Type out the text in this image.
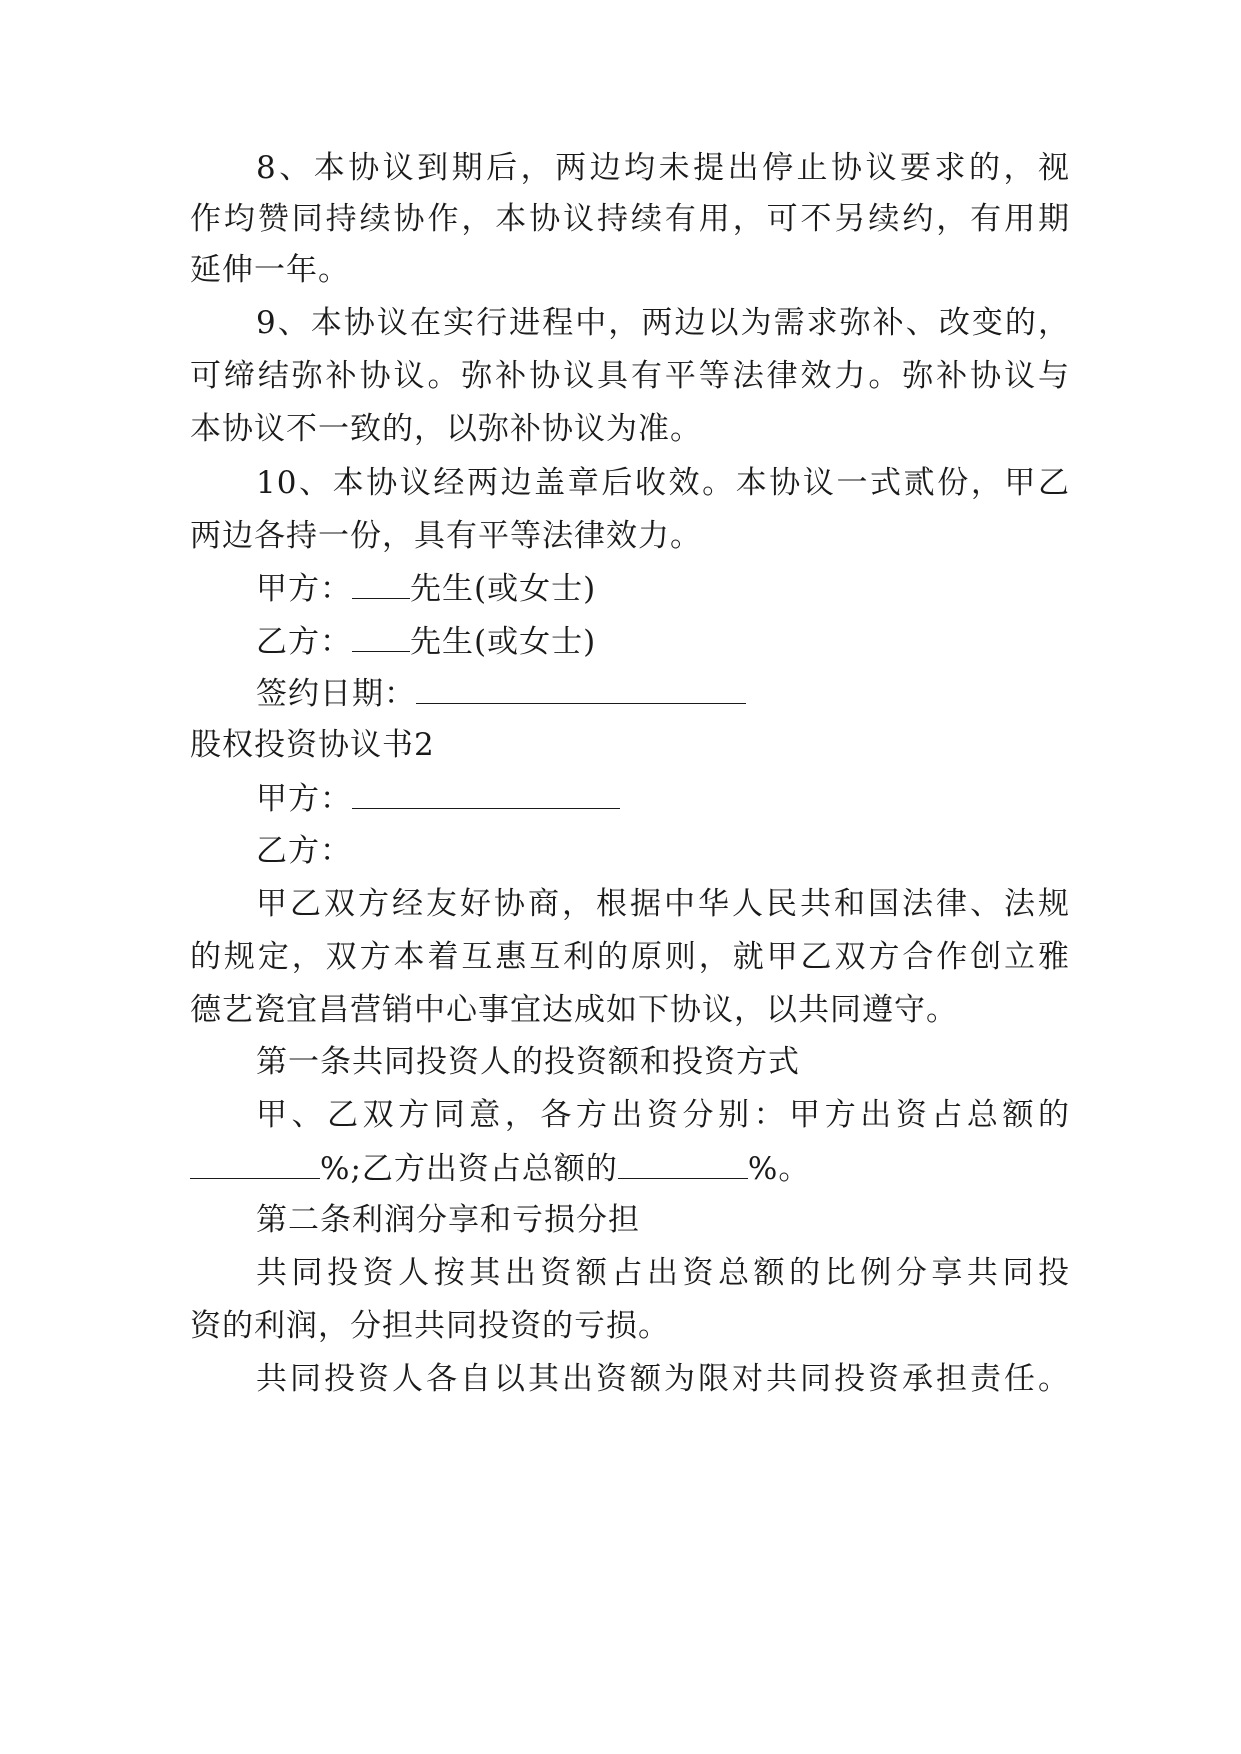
8、本协议到期后，两边均未提出停止协议要求的，视
作均赞同持续协作，本协议持续有用，可不另续约，有用期
延伸一年。
9、本协议在实行进程中，两边以为需求弥补、改变的，
可缔结弥补协议。弥补协议具有平等法律效力。弥补协议与
本协议不一致的，以弥补协议为准。
10、本协议经两边盖章后收效。本协议一式贰份，甲乙
两边各持一份，具有平等法律效力。
甲方： 先生(或女士)
乙方： 先生(或女士)
签约日期：
股权投资协议书2
甲方：
乙方：
甲乙双方经友好协商，根据中华人民共和国法律、法规
的规定，双方本着互惠互利的原则，就甲乙双方合作创立雅
德艺瓷宜昌营销中心事宜达成如下协议，以共同遵守。
第一条共同投资人的投资额和投资方式
甲、乙双方同意，各方出资分别：甲方出资占总额的
%;乙方出资占总额的	%。
第二条利润分享和亏损分担
共同投资人按其出资额占出资总额的比例分享共同投
资的利润，分担共同投资的亏损。
共同投资人各自以其出资额为限对共同投资承担责任。
